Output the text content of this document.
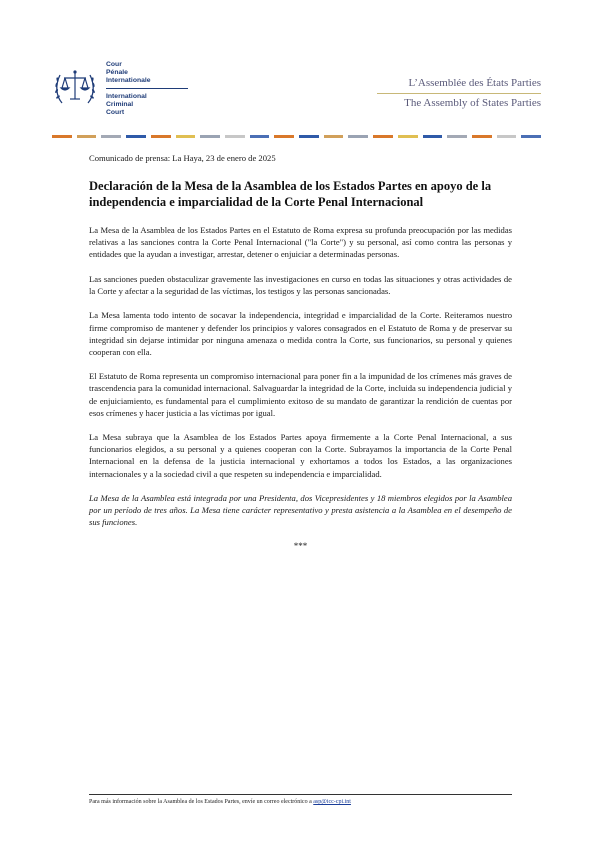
Cour
Pénale
Internationale
International
Criminal
Court
L’Assemblée des États Parties
The Assembly of States Parties

Comunicado de prensa: La Haya, 23 de enero de 2025

Declaración de la Mesa de la Asamblea de los Estados Partes en apoyo de la independencia e imparcialidad de la Corte Penal Internacional

La Mesa de la Asamblea de los Estados Partes en el Estatuto de Roma expresa su profunda preocupación por las medidas relativas a las sanciones contra la Corte Penal Internacional ("la Corte") y su personal, así como contra las personas y entidades que la ayudan a investigar, arrestar, detener o enjuiciar a determinadas personas.

Las sanciones pueden obstaculizar gravemente las investigaciones en curso en todas las situaciones y otras actividades de la Corte y afectar a la seguridad de las víctimas, los testigos y las personas sancionadas.

La Mesa lamenta todo intento de socavar la independencia, integridad e imparcialidad de la Corte. Reiteramos nuestro firme compromiso de mantener y defender los principios y valores consagrados en el Estatuto de Roma y de preservar su integridad sin dejarse intimidar por ninguna amenaza o medida contra la Corte, sus funcionarios, su personal y quienes cooperan con ella.

El Estatuto de Roma representa un compromiso internacional para poner fin a la impunidad de los crímenes más graves de trascendencia para la comunidad internacional. Salvaguardar la integridad de la Corte, incluida su independencia judicial y de enjuiciamiento, es fundamental para el cumplimiento exitoso de su mandato de garantizar la rendición de cuentas por esos crímenes y hacer justicia a las víctimas por igual.

La Mesa subraya que la Asamblea de los Estados Partes apoya firmemente a la Corte Penal Internacional, a sus funcionarios elegidos, a su personal y a quienes cooperan con la Corte. Subrayamos la importancia de la Corte Penal Internacional en la defensa de la justicia internacional y exhortamos a todos los Estados, a las organizaciones internacionales y a la sociedad civil a que respeten su independencia e imparcialidad.

La Mesa de la Asamblea está integrada por una Presidenta, dos Vicepresidentes y 18 miembros elegidos por la Asamblea por un período de tres años. La Mesa tiene carácter representativo y presta asistencia a la Asamblea en el desempeño de sus funciones.

***
Para más información sobre la Asamblea de los Estados Partes, envíe un correo electrónico a asp@icc-cpi.int
